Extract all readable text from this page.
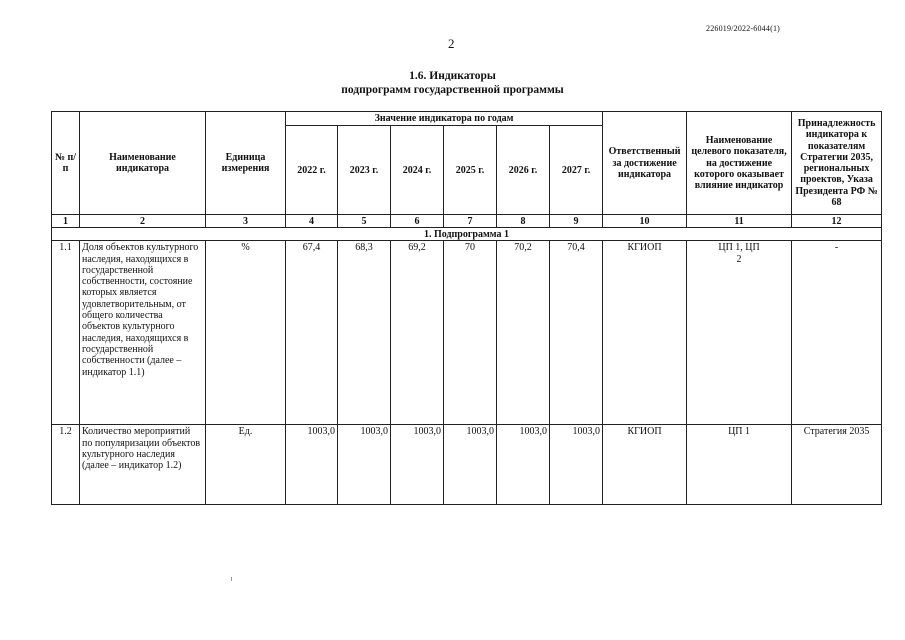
226019/2022-6044(1)
2
1.6. Индикаторы
подпрограмм государственной программы
№ п/п	Наименование индикатора	Единица измерения	Значение индикатора по годам						Ответственный за достижение индикатора	Наименование целевого показателя, на достижение которого оказывает влияние индикатор	Принадлежность индикатора к показателям Стратегии 2035, региональных проектов, Указа Президента РФ № 68
			2022 г.	2023 г.	2024 г.	2025 г.	2026 г.	2027 г.			
1	2	3	4	5	6	7	8	9	10	11	12
1. Подпрограмма 1											
1.1	Доля объектов культурного наследия, находящихся в государственной собственности, состояние которых является удовлетворительным, от общего количества объектов культурного наследия, находящихся в государственной собственности (далее – индикатор 1.1)	%	67,4	68,3	69,2	70	70,2	70,4	КГИОП	ЦП 1, ЦП 2	-
1.2	Количество мероприятий по популяризации объектов культурного наследия (далее – индикатор 1.2)	Ед.	1003,0	1003,0	1003,0	1003,0	1003,0	1003,0	КГИОП	ЦП 1	Стратегия 2035
